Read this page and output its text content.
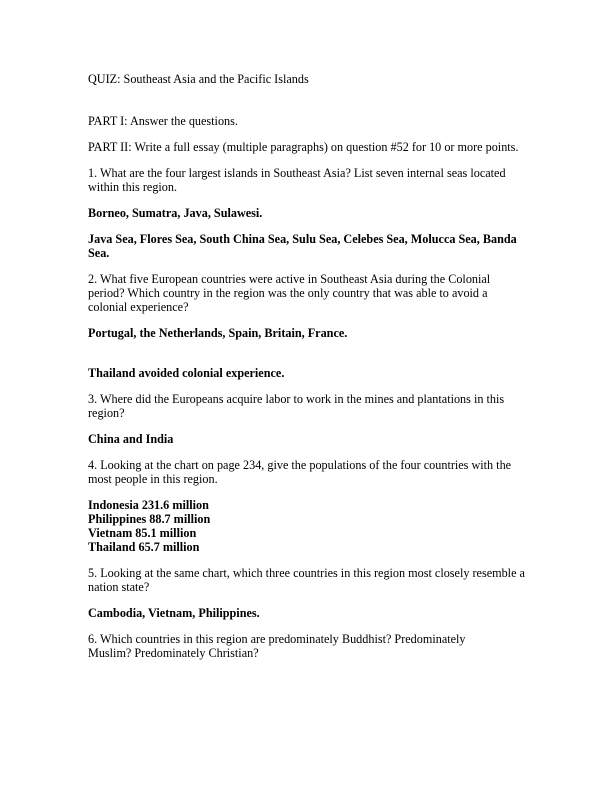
QUIZ: Southeast Asia and the Pacific Islands

PART I: Answer the questions.

PART II: Write a full essay (multiple paragraphs) on question #52 for 10 or more points.

1. What are the four largest islands in Southeast Asia? List seven internal seas located within this region.

Borneo, Sumatra, Java, Sulawesi.

Java Sea, Flores Sea, South China Sea, Sulu Sea, Celebes Sea, Molucca Sea, Banda Sea.

2. What five European countries were active in Southeast Asia during the Colonial period? Which country in the region was the only country that was able to avoid a colonial experience?

Portugal, the Netherlands, Spain, Britain, France.

Thailand avoided colonial experience.

3. Where did the Europeans acquire labor to work in the mines and plantations in this region?

China and India

4. Looking at the chart on page 234, give the populations of the four countries with the most people in this region.

Indonesia 231.6 million

Philippines 88.7 million

Vietnam 85.1 million

Thailand 65.7 million

5. Looking at the same chart, which three countries in this region most closely resemble a nation state?

Cambodia, Vietnam, Philippines.

6. Which countries in this region are predominately Buddhist? Predominately

Muslim? Predominately Christian?
